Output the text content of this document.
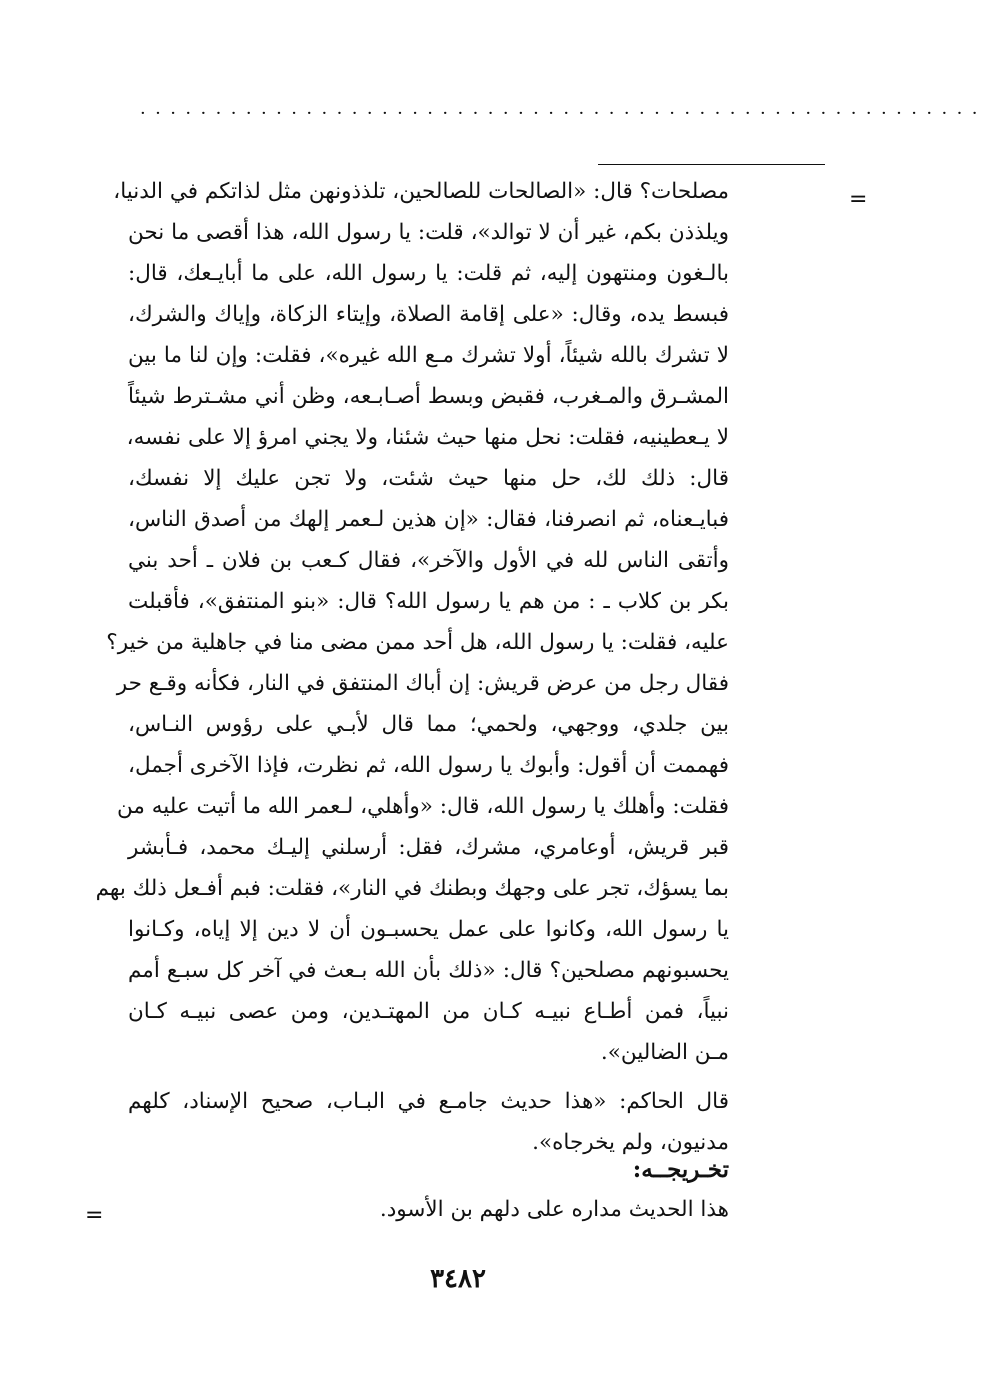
························································
=
=
مصلحات؟ قال: «الصالحات للصالحين، تلذذونهن مثل لذاتكم في الدنيا،
ويلذذن بكم، غير أن لا توالد»، قلت: يا رسول الله، هذا أقصى ما نحن
بالـغون ومنتهون إليه، ثم قلت: يا رسول الله، على ما أبايـعك، قال:
فبسط يده، وقال: «على إقامة الصلاة، وإيتاء الزكاة، وإياك والشرك،
لا تشرك بالله شيئاً، أولا تشرك مـع الله غيره»، فقلت: وإن لنا ما بين
المشـرق والمـغرب، فقبض وبسط أصـابـعه، وظن أني مشـترط شيئاً
لا يـعطينيه، فقلت: نحل منها حيث شئنا، ولا يجني امرؤ إلا على نفسه،
قال: ذلك لك، حل منها حيث شئت، ولا تجن عليك إلا نفسك،
فبايـعناه، ثم انصرفنا، فقال: «إن هذين لـعمر إلهك من أصدق الناس،
وأتقى الناس لله في الأول والآخر»، فقال كـعب بن فلان ـ أحد بني
بكر بن كلاب ـ : من هم يا رسول الله؟ قال: «بنو المنتفق»، فأقبلت
عليه، فقلت: يا رسول الله، هل أحد ممن مضى منا في جاهلية من خير؟
فقال رجل من عرض قريش: إن أباك المنتفق في النار، فكأنه وقـع حر
بين جلدي، ووجهي، ولحمي؛ مما قال لأبـي على رؤوس النـاس،
فهممت أن أقول: وأبوك يا رسول الله، ثم نظرت، فإذا الآخرى أجمل،
فقلت: وأهلك يا رسول الله، قال: «وأهلي، لـعمر الله ما أتيت عليه من
قبر قريش، أوعامري، مشرك، فقل: أرسلني إليـك محمد، فـأبشر
بما يسؤك، تجر على وجهك وبطنك في النار»، فقلت: فبم أفـعل ذلك بهم
يا رسول الله، وكانوا على عمل يحسبـون أن لا دين إلا إياه، وكـانوا
يحسبونهم مصلحين؟ قال: «ذلك بأن الله بـعث في آخر كل سبـع أمم
نبياً، فمن أطـاع نبيـه كـان من المهتـدين، ومن عصى نبيـه كـان
مـن الضالين».
قال الحاكم: «هذا حديث جامـع في البـاب، صحيح الإسناد، كلهم
مدنيون، ولم يخرجاه».
تخـريجــه:
هذا الحديث مداره على دلهم بن الأسود.
٣٤٨٢
